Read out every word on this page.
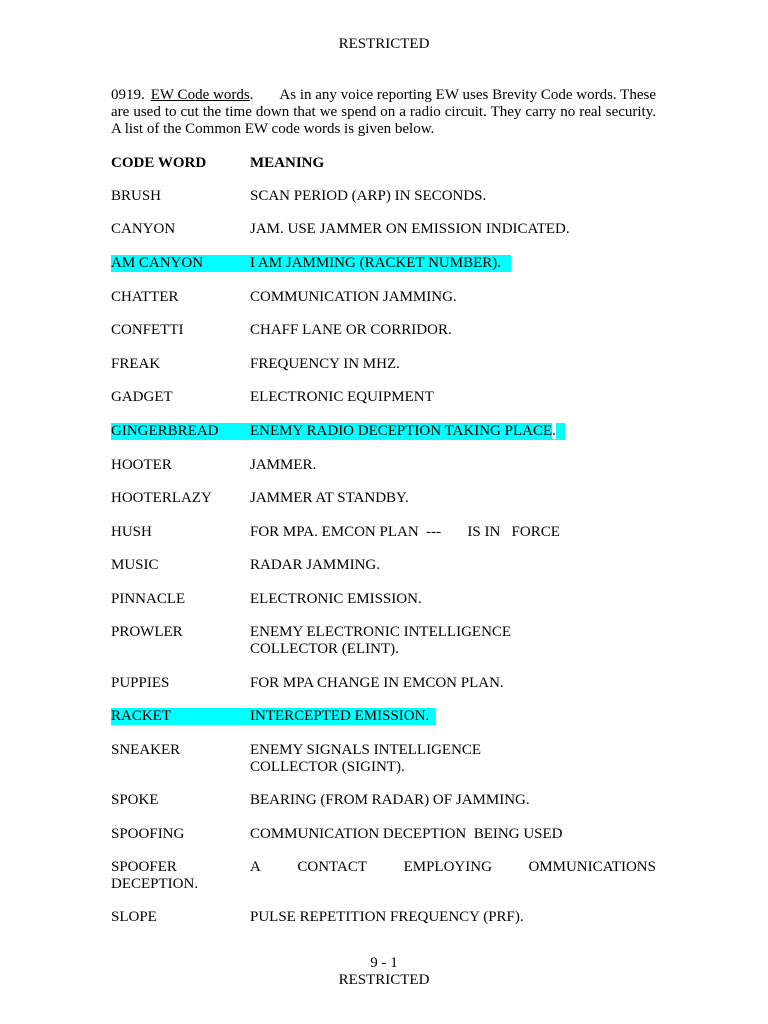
RESTRICTED

0919. EW Code words. As in any voice reporting EW uses Brevity Code words. These are used to cut the time down that we spend on a radio circuit. They carry no real security. A list of the Common EW code words is given below.

CODE WORD	MEANING
BRUSH	SCAN PERIOD (ARP) IN SECONDS.
CANYON	JAM. USE JAMMER ON EMISSION INDICATED.
AM CANYON	I AM JAMMING (RACKET NUMBER).
CHATTER	COMMUNICATION JAMMING.
CONFETTI	CHAFF LANE OR CORRIDOR.
FREAK	FREQUENCY IN MHZ.
GADGET	ELECTRONIC EQUIPMENT
GINGERBREAD	ENEMY RADIO DECEPTION TAKING PLACE.
HOOTER	JAMMER.
HOOTERLAZY	JAMMER AT STANDBY.
HUSH	FOR MPA. EMCON PLAN  ---       IS IN   FORCE
MUSIC	RADAR JAMMING.
PINNACLE	ELECTRONIC EMISSION.
PROWLER	ENEMY ELECTRONIC INTELLIGENCE
COLLECTOR (ELINT).
PUPPIES	FOR MPA CHANGE IN EMCON PLAN.
RACKET	INTERCEPTED EMISSION.
SNEAKER	ENEMY SIGNALS INTELLIGENCE
COLLECTOR (SIGINT).
SPOKE	BEARING (FROM RADAR) OF JAMMING.
SPOOFING	COMMUNICATION DECEPTION  BEING USED
SPOOFER	A CONTACT EMPLOYING OMMUNICATIONS
DECEPTION.
SLOPE	PULSE REPETITION FREQUENCY (PRF).
9 - 1
RESTRICTED
